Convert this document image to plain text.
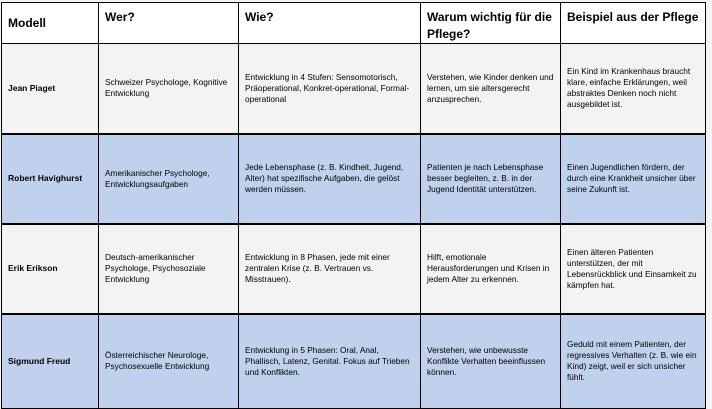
Modell	Wer?	Wie?	Warum wichtig für die Pflege?	Beispiel aus der Pflege
Jean Piaget	Schweizer Psychologe, Kognitive Entwicklung	Entwicklung in 4 Stufen: Sensomotorisch, Präoperational, Konkret-operational, Formal-operational	Verstehen, wie Kinder denken und lernen, um sie altersgerecht anzusprechen.	Ein Kind im Krankenhaus braucht klare, einfache Erklärungen, weil abstraktes Denken noch nicht ausgebildet ist.
Robert Havighurst	Amerikanischer Psychologe, Entwicklungsaufgaben	Jede Lebensphase (z. B. Kindheit, Jugend, Alter) hat spezifische Aufgaben, die gelöst werden müssen.	Patienten je nach Lebensphase besser begleiten, z. B. in der Jugend Identität unterstützen.	Einen Jugendlichen fördern, der durch eine Krankheit unsicher über seine Zukunft ist.
Erik Erikson	Deutsch-amerikanischer Psychologe, Psychosoziale Entwicklung	Entwicklung in 8 Phasen, jede mit einer zentralen Krise (z. B. Vertrauen vs. Misstrauen).	Hilft, emotionale Herausforderungen und Krisen in jedem Alter zu erkennen.	Einen älteren Patienten unterstützen, der mit Lebensrückblick und Einsamkeit zu kämpfen hat.
Sigmund Freud	Österreichischer Neurologe, Psychosexuelle Entwicklung	Entwicklung in 5 Phasen: Oral, Anal, Phallisch, Latenz, Genital. Fokus auf Trieben und Konflikten.	Verstehen, wie unbewusste Konflikte Verhalten beeinflussen können.	Geduld mit einem Patienten, der regressives Verhalten (z. B. wie ein Kind) zeigt, weil er sich unsicher fühlt.
